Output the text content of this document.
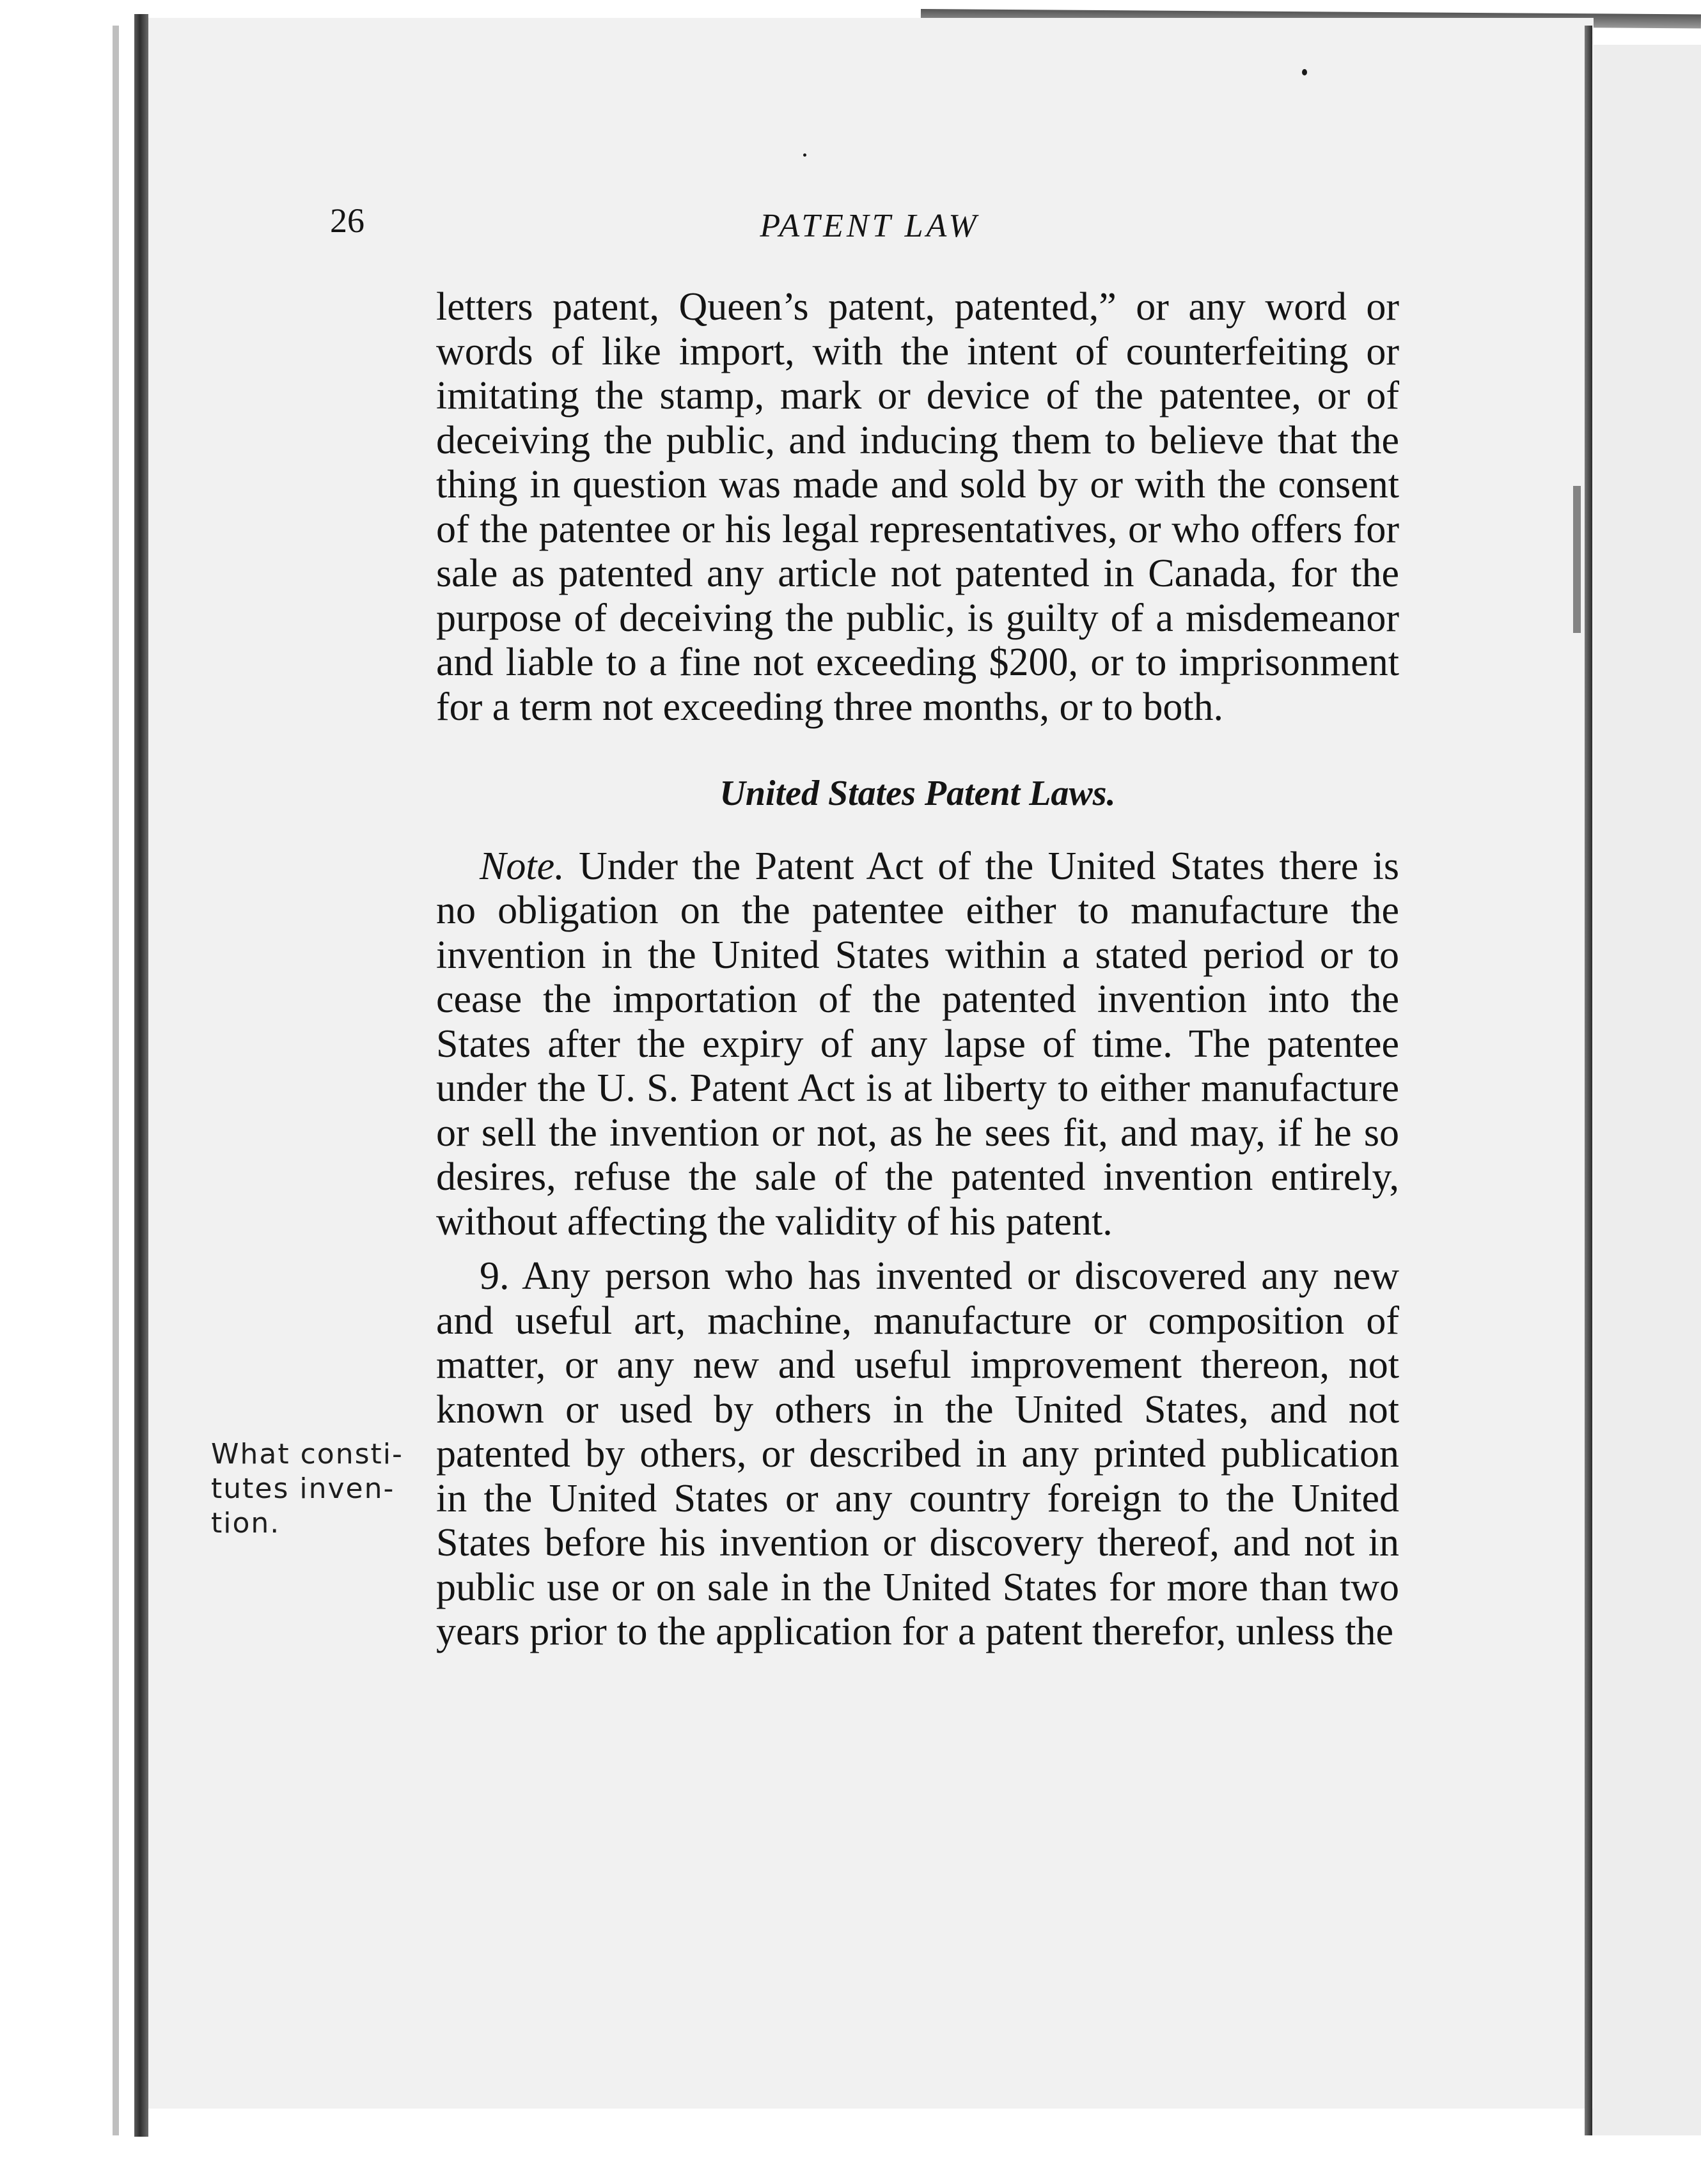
26	PATENT LAW
What consti- tutes inven- tion.

letters patent, Queen’s patent, patented,” or any word or words of like import, with the intent of counterfeiting or imitating the stamp, mark or device of the patentee, or of deceiving the public, and inducing them to believe that the thing in question was made and sold by or with the consent of the patentee or his legal representatives, or who offers for sale as patented any article not patented in Canada, for the purpose of deceiving the public, is guilty of a misdemeanor and liable to a fine not exceeding $200, or to imprisonment for a term not exceeding three months, or to both.

United States Patent Laws.

Note. Under the Patent Act of the United States there is no obligation on the patentee either to manufacture the invention in the United States within a stated period or to cease the importation of the patented invention into the States after the expiry of any lapse of time. The patentee under the U. S. Patent Act is at liberty to either manufacture or sell the invention or not, as he sees fit, and may, if he so desires, refuse the sale of the patented invention entirely, without affecting the validity of his patent.

9. Any person who has invented or discovered any new and useful art, machine, manufacture or composition of matter, or any new and useful improvement thereon, not known or used by others in the United States, and not patented by others, or described in any printed publication in the United States or any country foreign to the United States before his invention or discovery thereof, and not in public use or on sale in the United States for more than two years prior to the application for a patent therefor, unless the
